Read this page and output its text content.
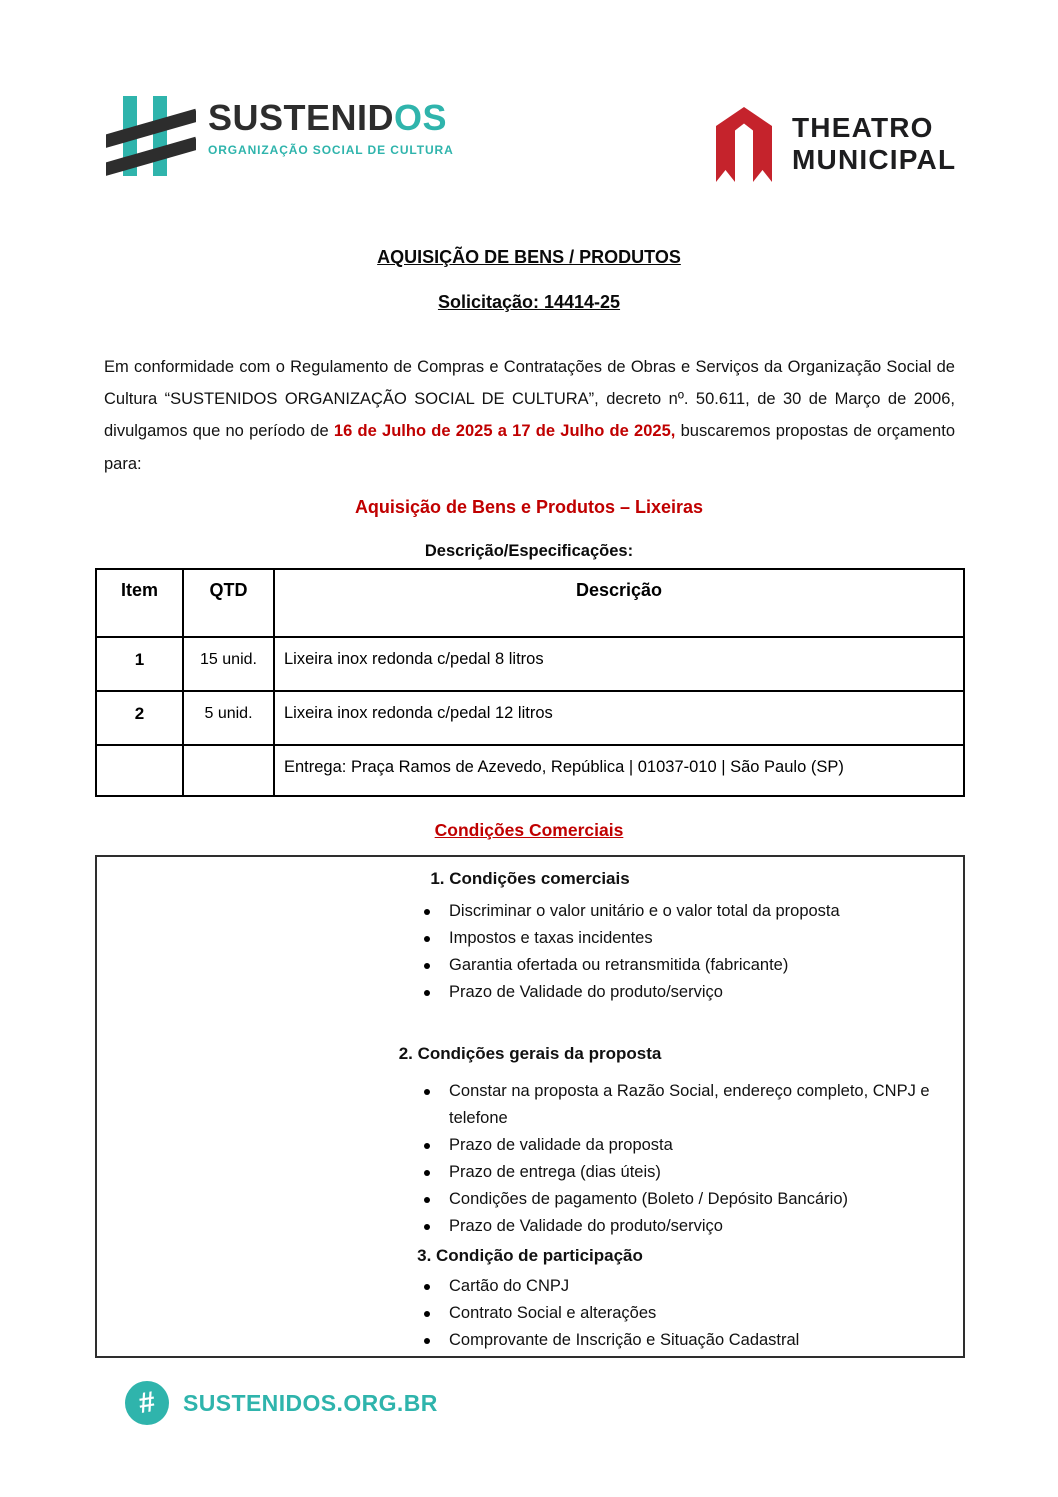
SUSTENIDOS
ORGANIZAÇÃO SOCIAL DE CULTURA
THEATRO
MUNICIPAL
AQUISIÇÃO DE BENS / PRODUTOS
Solicitação: 14414-25

Em conformidade com o Regulamento de Compras e Contratações de Obras e Serviços da Organização Social de Cultura “SUSTENIDOS ORGANIZAÇÃO SOCIAL DE CULTURA”, decreto nº. 50.611, de 30 de Março de 2006, divulgamos que no período de 16 de Julho de 2025 a 17 de Julho de 2025, buscaremos propostas de orçamento para:

Aquisição de Bens e Produtos – Lixeiras
Descrição/Especificações:
Item	QTD	Descrição
1	15 unid.	Lixeira inox redonda c/pedal 8 litros
2	5 unid.	Lixeira inox redonda c/pedal 12 litros
		Entrega: Praça Ramos de Azevedo, República | 01037-010 | São Paulo (SP)
Condições Comerciais
1. Condições comerciais
Discriminar o valor unitário e o valor total da proposta
Impostos e taxas incidentes
Garantia ofertada ou retransmitida (fabricante)
Prazo de Validade do produto/serviço
2. Condições gerais da proposta
Constar na proposta a Razão Social, endereço completo, CNPJ e telefone
Prazo de validade da proposta
Prazo de entrega (dias úteis)
Condições de pagamento (Boleto / Depósito Bancário)
Prazo de Validade do produto/serviço
3. Condição de participação
Cartão do CNPJ
Contrato Social e alterações
Comprovante de Inscrição e Situação Cadastral
# SUSTENIDOS.ORG.BR
